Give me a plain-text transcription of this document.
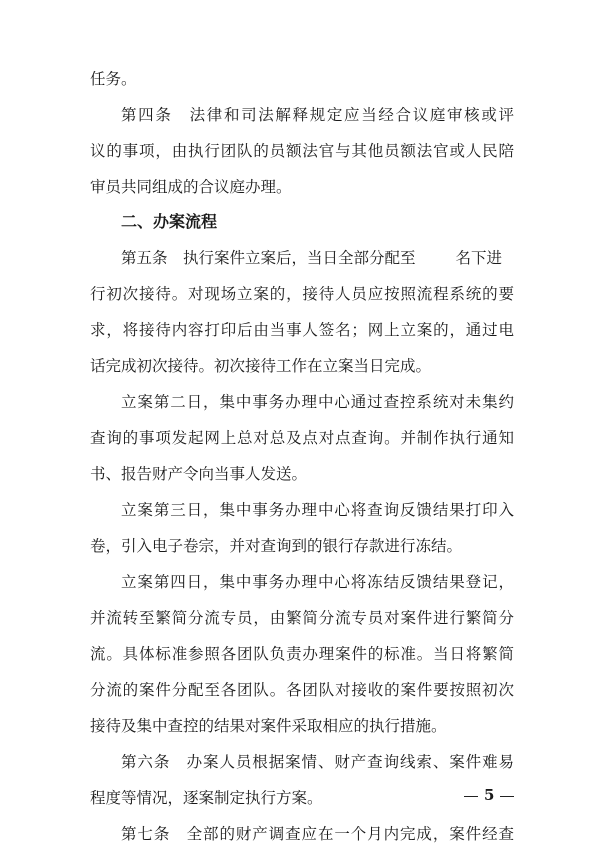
任务。
第四条　法律和司法解释规定应当经合议庭审核或评
议的事项，由执行团队的员额法官与其他员额法官或人民陪
审员共同组成的合议庭办理。
二、办案流程
第五条　执行案件立案后，当日全部分配至	名下进
行初次接待。对现场立案的，接待人员应按照流程系统的要
求，将接待内容打印后由当事人签名；网上立案的，通过电
话完成初次接待。初次接待工作在立案当日完成。
立案第二日，集中事务办理中心通过查控系统对未集约
查询的事项发起网上总对总及点对点查询。并制作执行通知
书、报告财产令向当事人发送。
立案第三日，集中事务办理中心将查询反馈结果打印入
卷，引入电子卷宗，并对查询到的银行存款进行冻结。
立案第四日，集中事务办理中心将冻结反馈结果登记，
并流转至繁简分流专员，由繁简分流专员对案件进行繁简分
流。具体标准参照各团队负责办理案件的标准。当日将繁简
分流的案件分配至各团队。各团队对接收的案件要按照初次
接待及集中查控的结果对案件采取相应的执行措施。
第六条　办案人员根据案情、财产查询线索、案件难易
程度等情况，逐案制定执行方案。
第七条　全部的财产调查应在一个月内完成，案件经查
5
